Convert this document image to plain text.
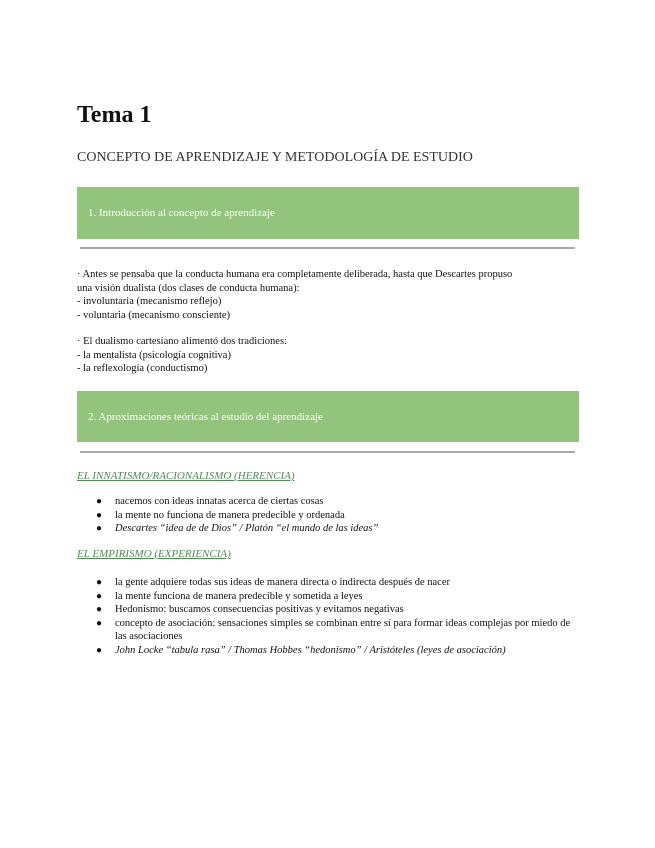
Tema 1
CONCEPTO DE APRENDIZAJE Y METODOLOGÍA DE ESTUDIO
1. Introducción al concepto de aprendizaje
· Antes se pensaba que la conducta humana era completamente deliberada, hasta que Descartes propuso
una visión dualista (dos clases de conducta humana):
- involuntaria (mecanismo reflejo)
- voluntaria (mecanismo consciente)
· El dualismo cartesiano alimentó dos tradiciones:
- la mentalista (psicología cognitiva)
- la reflexología (conductismo)
2. Aproximaciones teóricas al estudio del aprendizaje

EL INNATISMO/RACIONALISMO (HERENCIA)

● nacemos con ideas innatas acerca de ciertas cosas
● la mente no funciona de manera predecible y ordenada
● Descartes “idea de de Dios” / Platón “el mundo de las ideas”

EL EMPIRISMO (EXPERIENCIA)

● la gente adquiere todas sus ideas de manera directa o indirecta después de nacer
● la mente funciona de manera predecible y sometida a leyes
● Hedonismo: buscamos consecuencias positivas y evitamos negativas
● concepto de asociación: sensaciones simples se combinan entre sí para formar ideas complejas por miedo de las asociaciones
● John Locke “tabula rasa” / Thomas Hobbes “hedonismo” / Aristóteles (leyes de asociación)
